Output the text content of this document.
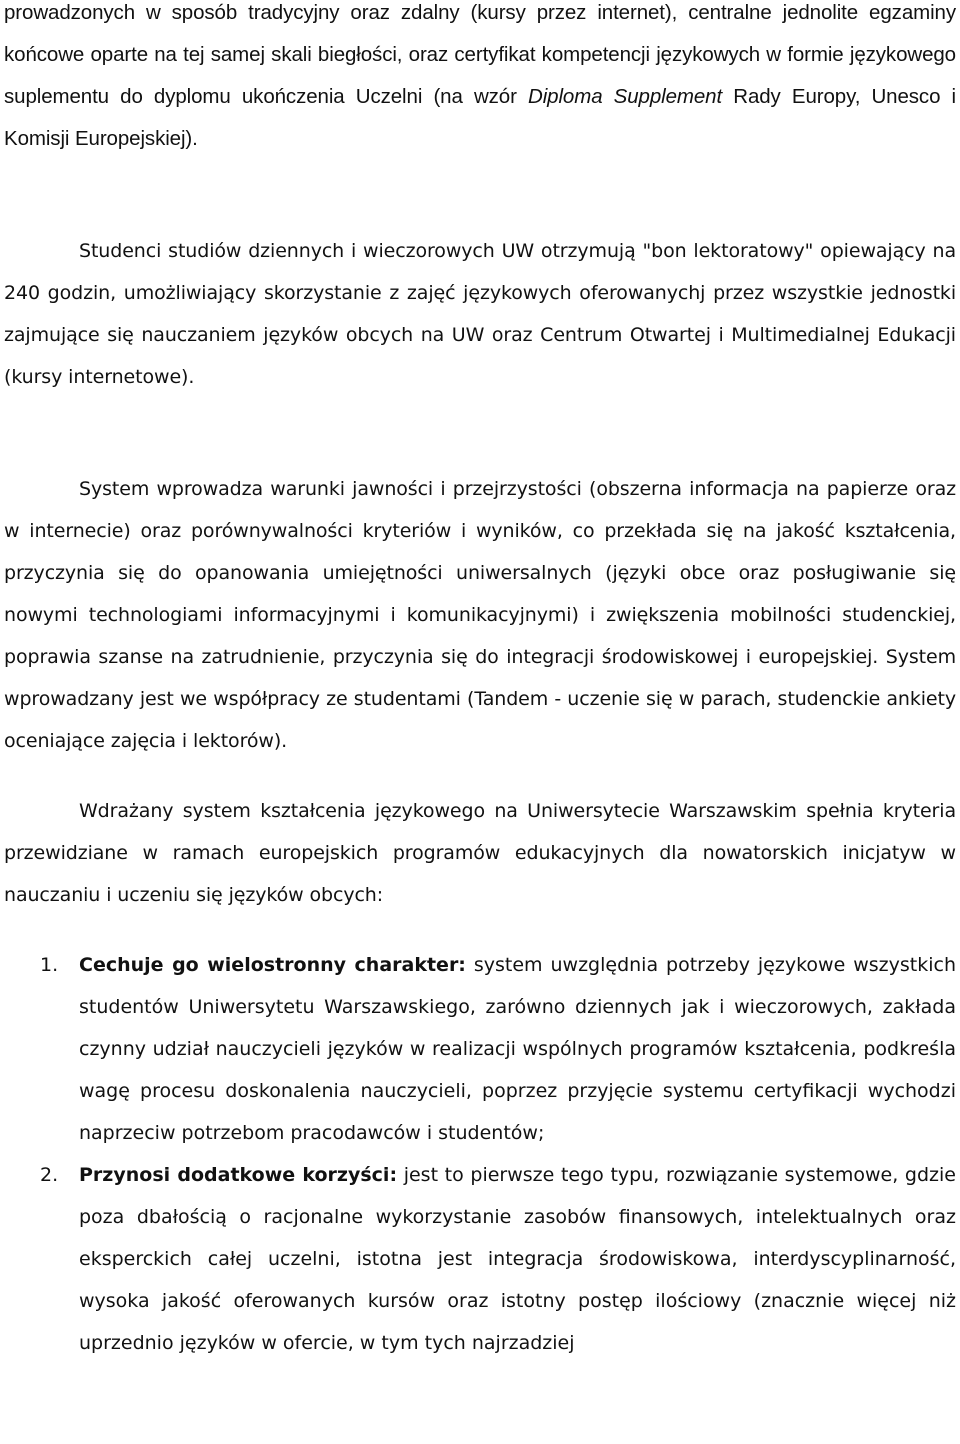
prowadzonych w sposób tradycyjny oraz zdalny (kursy przez internet), centralne jednolite egzaminy końcowe oparte na tej samej skali biegłości, oraz certyfikat kompetencji językowych w formie językowego suplementu do dyplomu ukończenia Uczelni (na wzór Diploma Supplement Rady Europy, Unesco i Komisji Europejskiej).

Studenci studiów dziennych i wieczorowych UW otrzymują "bon lektoratowy" opiewający na 240 godzin, umożliwiający skorzystanie z zajęć językowych oferowanychj przez wszystkie jednostki zajmujące się nauczaniem języków obcych na UW oraz Centrum Otwartej i Multimedialnej Edukacji (kursy internetowe).

System wprowadza warunki jawności i przejrzystości (obszerna informacja na papierze oraz w internecie) oraz porównywalności kryteriów i wyników, co przekłada się na jakość kształcenia, przyczynia się do opanowania umiejętności uniwersalnych (języki obce oraz posługiwanie się nowymi technologiami informacyjnymi i komunikacyjnymi) i zwiększenia mobilności studenckiej, poprawia szanse na zatrudnienie, przyczynia się do integracji środowiskowej i europejskiej. System wprowadzany jest we współpracy ze studentami (Tandem - uczenie się w parach, studenckie ankiety oceniające zajęcia i lektorów).

Wdrażany system kształcenia językowego na Uniwersytecie Warszawskim spełnia kryteria przewidziane w ramach europejskich programów edukacyjnych dla nowatorskich inicjatyw w nauczaniu i uczeniu się języków obcych:

1. Cechuje go wielostronny charakter: system uwzględnia potrzeby językowe wszystkich studentów Uniwersytetu Warszawskiego, zarówno dziennych jak i wieczorowych, zakłada czynny udział nauczycieli języków w realizacji wspólnych programów kształcenia, podkreśla wagę procesu doskonalenia nauczycieli, poprzez przyjęcie systemu certyfikacji wychodzi naprzeciw potrzebom pracodawców i studentów;
2. Przynosi dodatkowe korzyści: jest to pierwsze tego typu, rozwiązanie systemowe, gdzie poza dbałością o racjonalne wykorzystanie zasobów finansowych, intelektualnych oraz eksperckich całej uczelni, istotna jest integracja środowiskowa, interdyscyplinarność, wysoka jakość oferowanych kursów oraz istotny postęp ilościowy (znacznie więcej niż uprzednio języków w ofercie, w tym tych najrzadziej
